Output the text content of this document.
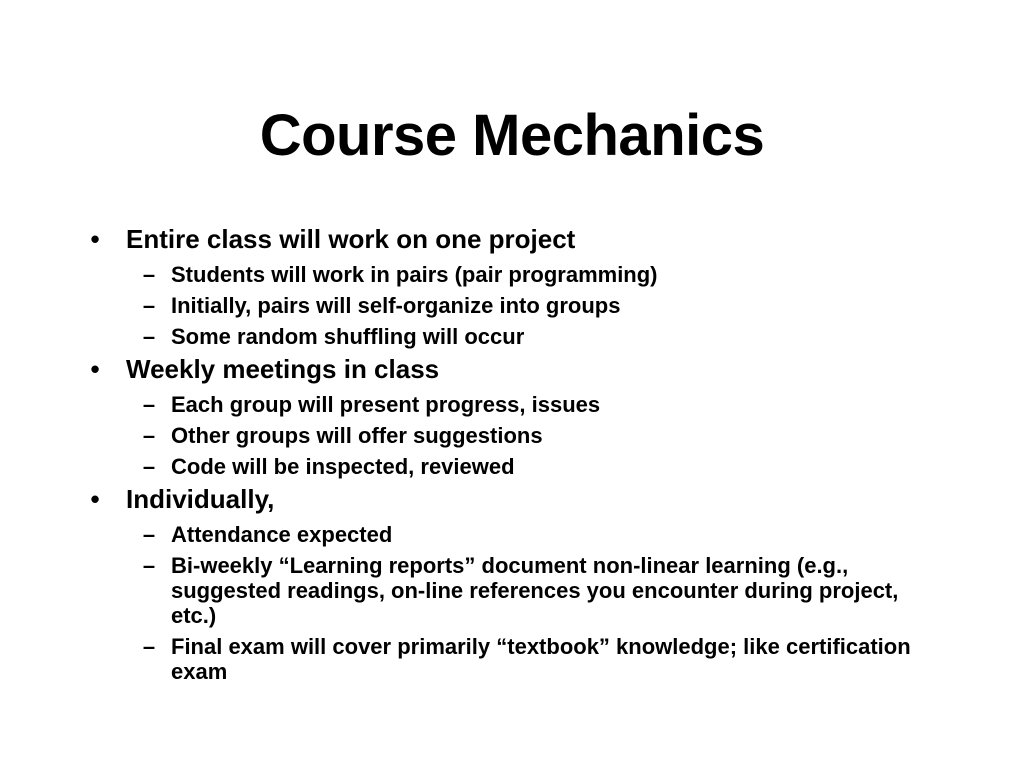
Course Mechanics
• Entire class will work on one project
– Students will work in pairs (pair programming)
– Initially, pairs will self-organize into groups
– Some random shuffling will occur
• Weekly meetings in class
– Each group will present progress, issues
– Other groups will offer suggestions
– Code will be inspected, reviewed
• Individually,
– Attendance expected
– Bi-weekly “Learning reports” document non-linear learning (e.g., suggested readings, on-line references you encounter during project, etc.)
– Final exam will cover primarily “textbook” knowledge; like certification exam
